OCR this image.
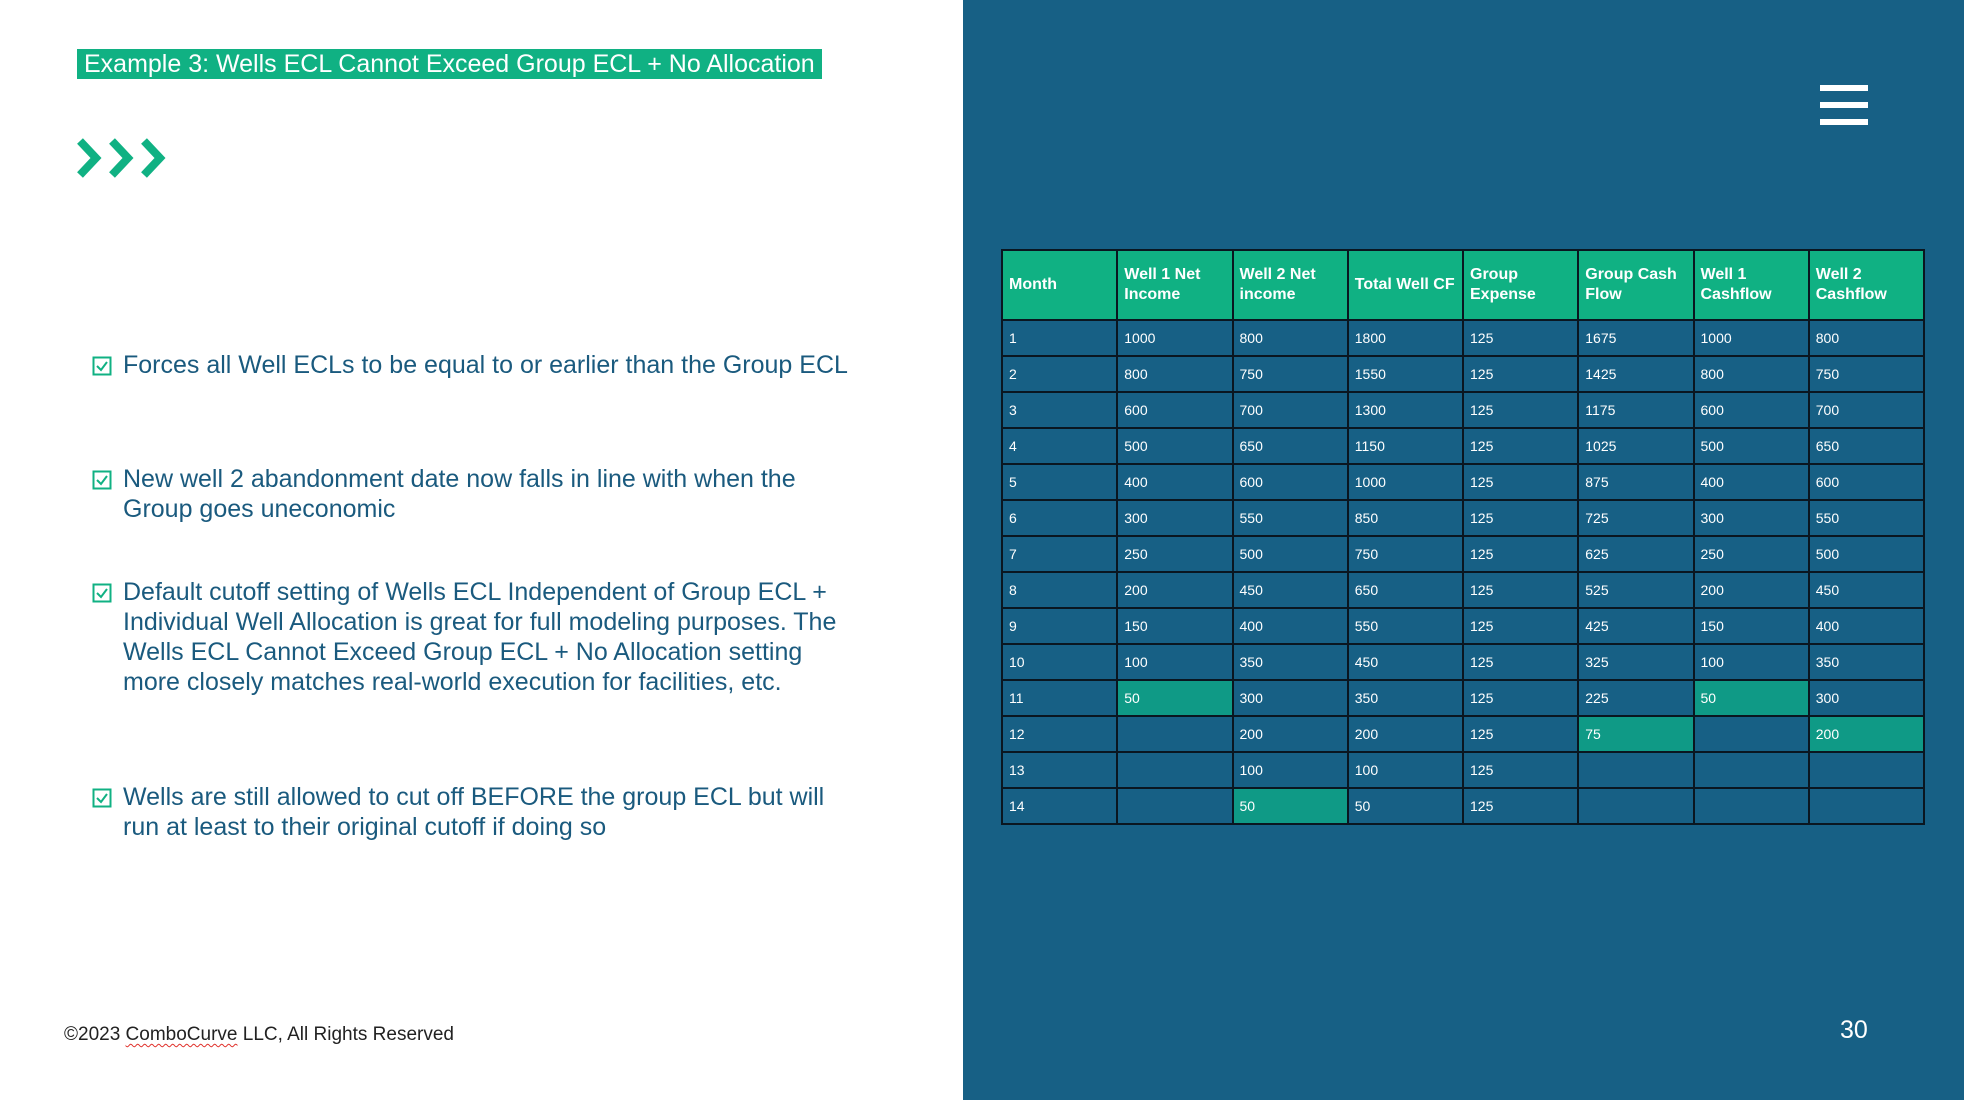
Example 3: Wells ECL Cannot Exceed Group ECL + No Allocation
Forces all Well ECLs to be equal to or earlier than the Group ECL
New well 2 abandonment date now falls in line with when the Group goes uneconomic
Default cutoff setting of Wells ECL Independent of Group ECL + Individual Well Allocation is great for full modeling purposes. The Wells ECL Cannot Exceed Group ECL + No Allocation setting more closely matches real-world execution for facilities, etc.
Wells are still allowed to cut off BEFORE the group ECL but will run at least to their original cutoff if doing so
©2023 ComboCurve LLC, All Rights Reserved
Month	Well 1 Net Income	Well 2 Net income	Total Well CF	Group Expense	Group Cash Flow	Well 1 Cashflow	Well 2 Cashflow
1	1000	800	1800	125	1675	1000	800
2	800	750	1550	125	1425	800	750
3	600	700	1300	125	1175	600	700
4	500	650	1150	125	1025	500	650
5	400	600	1000	125	875	400	600
6	300	550	850	125	725	300	550
7	250	500	750	125	625	250	500
8	200	450	650	125	525	200	450
9	150	400	550	125	425	150	400
10	100	350	450	125	325	100	350
11	50	300	350	125	225	50	300
12		200	200	125	75		200
13		100	100	125			
14		50	50	125			
30
